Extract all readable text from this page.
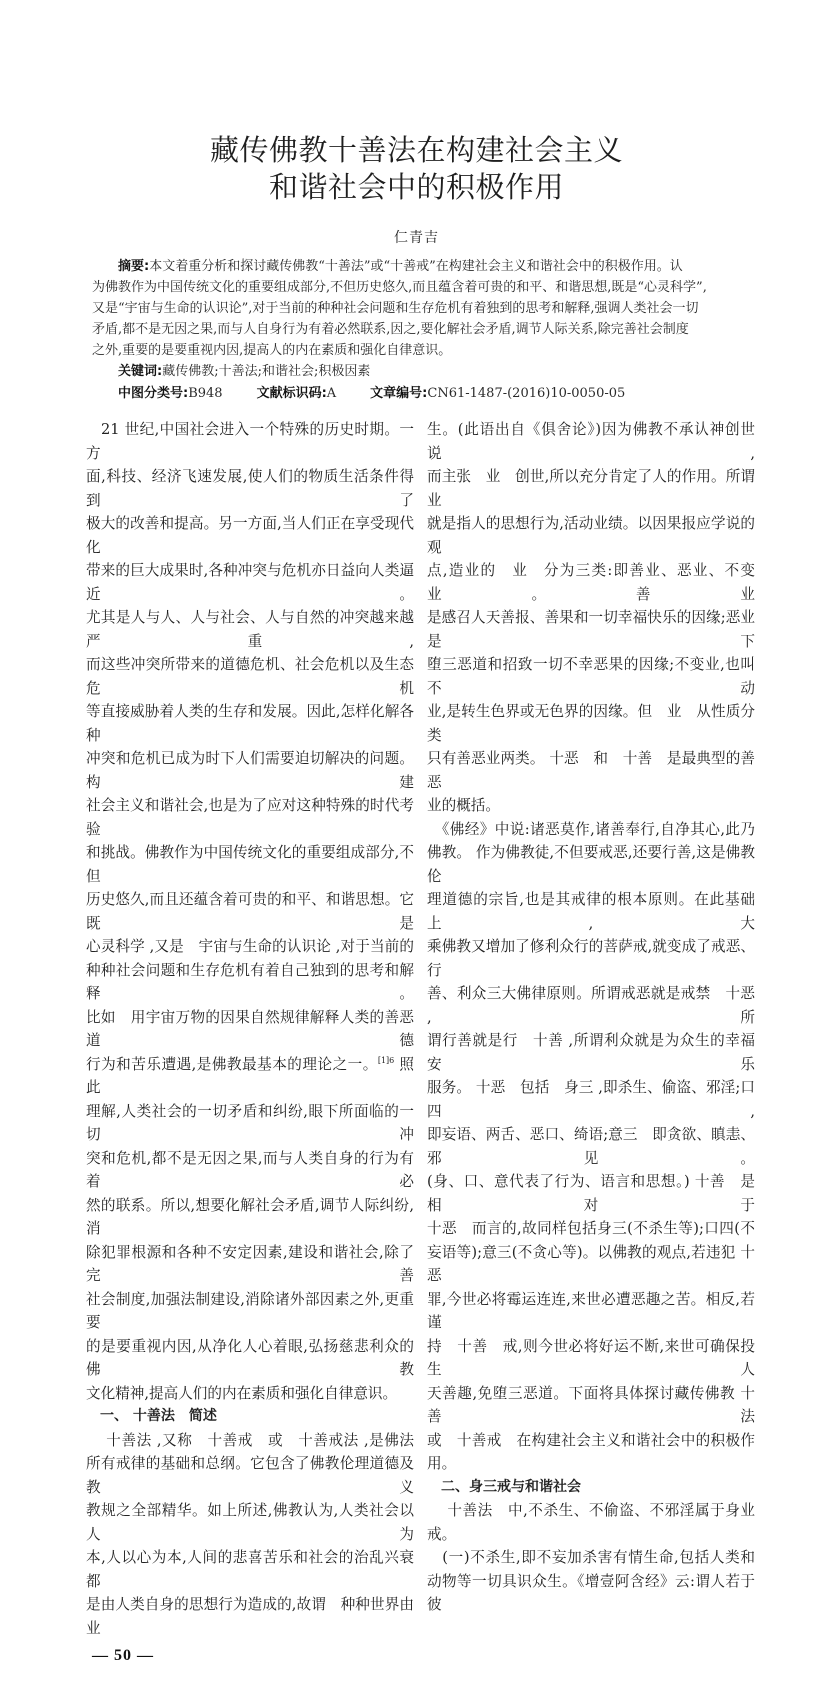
藏传佛教十善法在构建社会主义
和谐社会中的积极作用
仁青吉
摘要:本文着重分析和探讨藏传佛教“十善法”或“十善戒”在构建社会主义和谐社会中的积极作用。认
为佛教作为中国传统文化的重要组成部分,不但历史悠久,而且蕴含着可贵的和平、和谐思想,既是“心灵科学”,
又是“宇宙与生命的认识论”,对于当前的种种社会问题和生存危机有着独到的思考和解释,强调人类社会一切
矛盾,都不是无因之果,而与人自身行为有着必然联系,因之,要化解社会矛盾,调节人际关系,除完善社会制度
之外,重要的是要重视内因,提高人的内在素质和强化自律意识。
关键词:藏传佛教;十善法;和谐社会;积极因素
中图分类号:B948	文献标识码:A	文章编号:CN61-1487-(2016)10-0050-05
　21 世纪,中国社会进入一个特殊的历史时期。一方
面,科技、经济飞速发展,使人们的物质生活条件得到了
极大的改善和提高。另一方面,当人们正在享受现代化
带来的巨大成果时,各种冲突与危机亦日益向人类逼近。
尤其是人与人、人与社会、人与自然的冲突越来越严重,
而这些冲突所带来的道德危机、社会危机以及生态危机
等直接威胁着人类的生存和发展。因此,怎样化解各种
冲突和危机已成为时下人们需要迫切解决的问题。构建
社会主义和谐社会,也是为了应对这种特殊的时代考验
和挑战。佛教作为中国传统文化的重要组成部分,不但
历史悠久,而且还蕴含着可贵的和平、和谐思想。它既是
心灵科学 ,又是　宇宙与生命的认识论 ,对于当前的
种种社会问题和生存危机有着自己独到的思考和解释。
比如　用宇宙万物的因果自然规律解释人类的善恶道德
行为和苦乐遭遇,是佛教最基本的理论之一。$^{[1]6}$ 照此
理解,人类社会的一切矛盾和纠纷,眼下所面临的一切冲
突和危机,都不是无因之果,而与人类自身的行为有着必
然的联系。所以,想要化解社会矛盾,调节人际纠纷,消
除犯罪根源和各种不安定因素,建设和谐社会,除了完善
社会制度,加强法制建设,消除诸外部因素之外,更重要
的是要重视内因,从净化人心着眼,弘扬慈悲利众的佛教
文化精神,提高人们的内在素质和强化自律意识。
　一、 十善法　简述
　 十善法 ,又称　十善戒　或　十善戒法 ,是佛法
所有戒律的基础和总纲。它包含了佛教伦理道德及教义
教规之全部精华。如上所述,佛教认为,人类社会以人为
本,人以心为本,人间的悲喜苦乐和社会的治乱兴衰都
是由人类自身的思想行为造成的,故谓　种种世界由业
生。(此语出自《俱舍论》)因为佛教不承认神创世说,
而主张　业　创世,所以充分肯定了人的作用。所谓　业
就是指人的思想行为,活动业绩。以因果报应学说的观
点,造业的　业　分为三类:即善业、恶业、不变业。善业
是感召人天善报、善果和一切幸福快乐的因缘;恶业是下
堕三恶道和招致一切不幸恶果的因缘;不变业,也叫不动
业,是转生色界或无色界的因缘。但　业　从性质分类
只有善恶业两类。 十恶　和　十善　是最典型的善恶
业的概括。
　《佛经》中说:诸恶莫作,诸善奉行,自净其心,此乃
佛教。 作为佛教徒,不但要戒恶,还要行善,这是佛教伦
理道德的宗旨,也是其戒律的根本原则。在此基础上,大
乘佛教又增加了修利众行的菩萨戒,就变成了戒恶、行
善、利众三大佛律原则。所谓戒恶就是戒禁　十恶 ,所
谓行善就是行　十善 ,所谓利众就是为众生的幸福安乐
服务。 十恶　包括　身三 ,即杀生、偷盗、邪淫;口四 ,
即妄语、两舌、恶口、绮语;意三　即贪欲、瞋恚、邪见。
(身、口、意代表了行为、语言和思想。) 十善　是相对于
十恶　而言的,故同样包括身三(不杀生等);口四(不
妄语等);意三(不贪心等)。以佛教的观点,若违犯 十恶
罪,今世必将霉运连连,来世必遭恶趣之苦。相反,若谨
持　十善　戒,则今世必将好运不断,来世可确保投生人
天善趣,免堕三恶道。下面将具体探讨藏传佛教 十善法
或　十善戒　在构建社会主义和谐社会中的积极作用。
　二、身三戒与和谐社会
　 十善法　中,不杀生、不偷盗、不邪淫属于身业戒。
　(一)不杀生,即不妄加杀害有情生命,包括人类和
动物等一切具识众生。《增壹阿含经》云:谓人若于彼
— 50 —
